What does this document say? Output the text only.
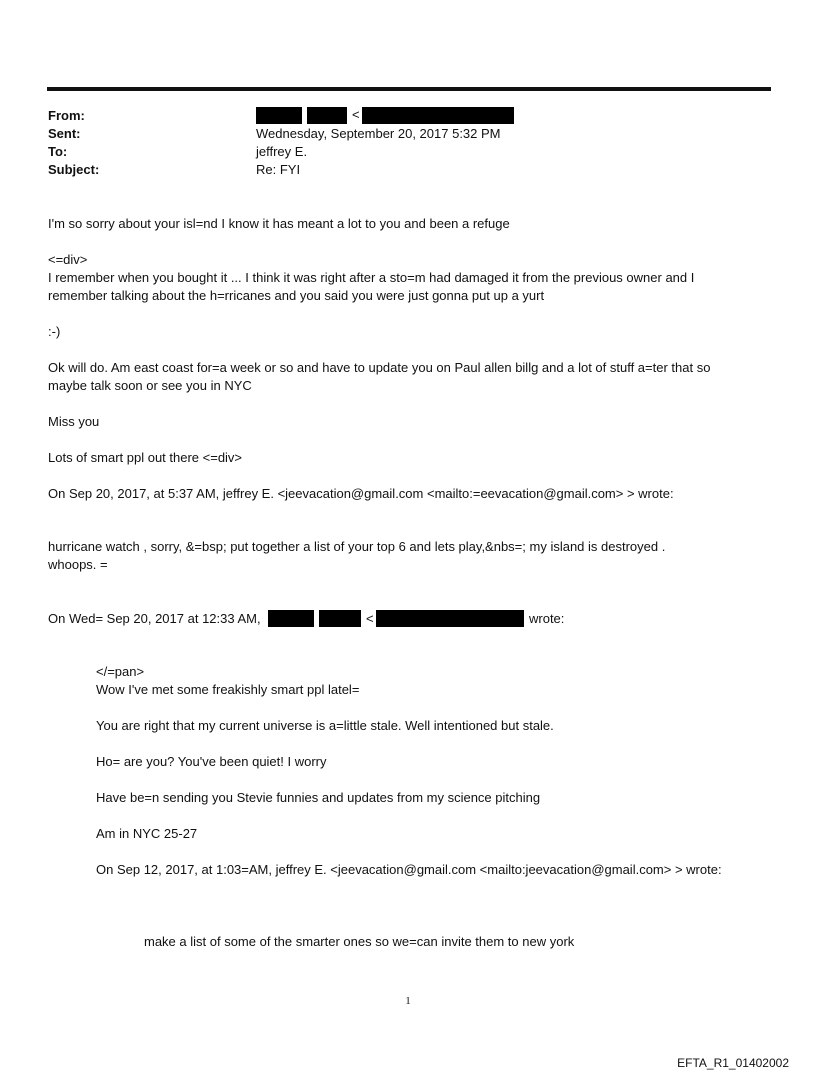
From:
Sent:
To:
Subject:
<
Wednesday, September 20, 2017 5:32 PM
jeffrey E.
Re: FYI
I'm so sorry about your isl=nd I know it has meant a lot to you and been a refuge
<=div>
I remember when you bought it ... I think it was right after a sto=m had damaged it from the previous owner and I
remember talking about the h=rricanes and you said you were just gonna put up a yurt
:-)
Ok will do. Am east coast for=a week or so and have to update you on Paul allen billg and a lot of stuff a=ter that so
maybe talk soon or see you in NYC
Miss you
Lots of smart ppl out there <=div>
On Sep 20, 2017, at 5:37 AM, jeffrey E. <jeevacation@gmail.com <mailto:=eevacation@gmail.com> > wrote:
hurricane watch , sorry, &=bsp; put together a list of your top 6 and lets play,&nbs=; my island is destroyed .
whoops. =
On Wed= Sep 20, 2017 at 12:33 AM,	<	wrote:
</=pan>
Wow I've met some freakishly smart ppl latel=
You are right that my current universe is a=little stale. Well intentioned but stale.
Ho= are you? You've been quiet! I worry
Have be=n sending you Stevie funnies and updates from my science pitching
Am in NYC 25-27
On Sep 12, 2017, at 1:03=AM, jeffrey E. <jeevacation@gmail.com <mailto:jeevacation@gmail.com> > wrote:
make a list of some of the smarter ones so we=can invite them to new york
1
EFTA_R1_01402002
